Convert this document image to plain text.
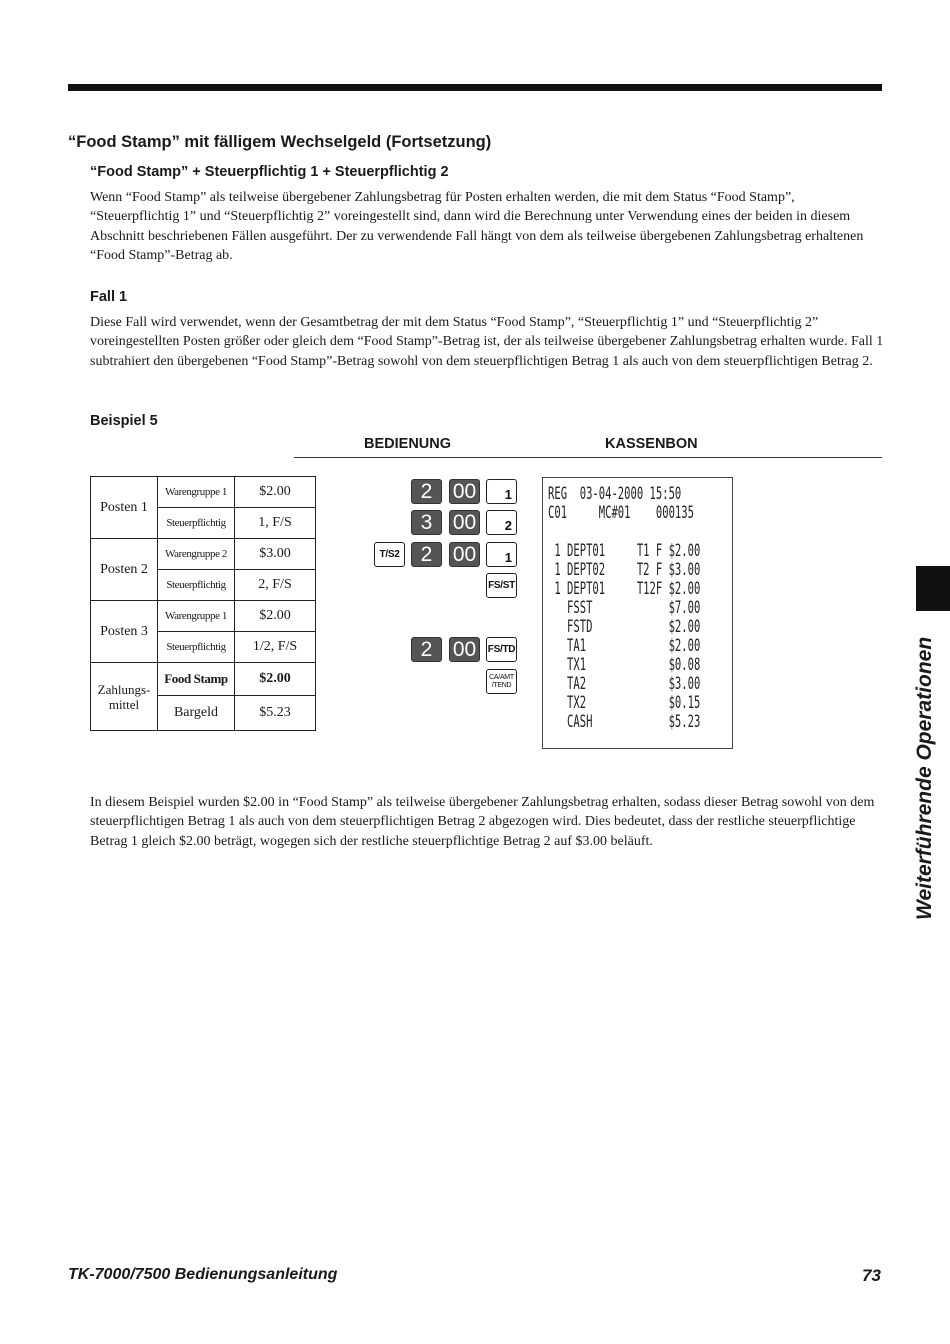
“Food Stamp” mit fälligem Wechselgeld (Fortsetzung)
“Food Stamp” + Steuerpflichtig 1 + Steuerpflichtig 2

Wenn “Food Stamp” als teilweise übergebener Zahlungsbetrag für Posten erhalten werden, die mit dem Status “Food Stamp”, “Steuerpflichtig 1” und “Steuerpflichtig 2” voreingestellt sind, dann wird die Berechnung unter Verwendung eines der beiden in diesem Abschnitt beschriebenen Fällen ausgeführt. Der zu verwendende Fall hängt von dem als teilweise übergebenen Zahlungsbetrag erhaltenen “Food Stamp”-Betrag ab.

Fall 1

Diese Fall wird verwendet, wenn der Gesamtbetrag der mit dem Status “Food Stamp”, “Steuerpflichtig 1” und “Steuerpflichtig 2” voreingestellten Posten größer oder gleich dem “Food Stamp”-Betrag ist, der als teilweise übergebener Zahlungsbetrag erhalten wurde. Fall 1 subtrahiert den übergebenen “Food Stamp”-Betrag sowohl von dem steuerpflichtigen Betrag 1 als auch von dem steuerpflichtigen Betrag 2.

Beispiel 5
BEDIENUNG	KASSENBON
Posten 1	Warengruppe 1	$2.00
	Steuerpflichtig	1, F/S
Posten 2	Warengruppe 2	$3.00
	Steuerpflichtig	2, F/S
Posten 3	Warengruppe 1	$2.00
	Steuerpflichtig	1/2, F/S
Zahlungs-
mittel	Food Stamp	$2.00
	Bargeld	$5.23
2 00	1
3 00	2
T/S2	2 00	1
FS/ST
2 00	FS/TD
CA/AMT
/TEND
REG  03-04-2000 15:50
C01     MC#01    000135
1 DEPT01     T1 F $2.00
1 DEPT02     T2 F $3.00
1 DEPT01     T12F $2.00
FSST            $7.00
FSTD            $2.00
TA1             $2.00
TX1             $0.08
TA2             $3.00
TX2             $0.15
CASH            $5.23

In diesem Beispiel wurden $2.00 in “Food Stamp” als teilweise übergebener Zahlungsbetrag erhalten, sodass dieser Betrag sowohl von dem steuerpflichtigen Betrag 1 als auch von dem steuerpflichtigen Betrag 2 abgezogen wird. Dies bedeutet, dass der restliche steuerpflichtige Betrag 1 gleich $2.00 beträgt, wogegen sich der restliche steuerpflichtige Betrag 2 auf $3.00 beläuft.	Weiterführende Operationen
TK-7000/7500 Bedienungsanleitung	73
